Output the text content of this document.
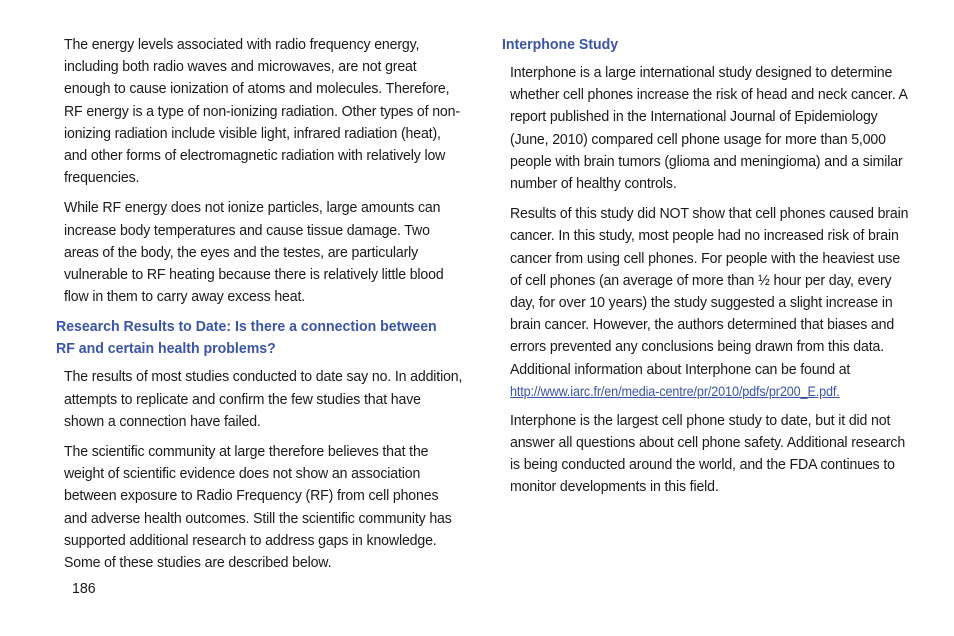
The energy levels associated with radio frequency energy, including both radio waves and microwaves, are not great enough to cause ionization of atoms and molecules. Therefore, RF energy is a type of non-ionizing radiation. Other types of non-ionizing radiation include visible light, infrared radiation (heat), and other forms of electromagnetic radiation with relatively low frequencies.

While RF energy does not ionize particles, large amounts can increase body temperatures and cause tissue damage. Two areas of the body, the eyes and the testes, are particularly vulnerable to RF heating because there is relatively little blood flow in them to carry away excess heat.

Research Results to Date: Is there a connection between RF and certain health problems?

The results of most studies conducted to date say no. In addition, attempts to replicate and confirm the few studies that have shown a connection have failed.

The scientific community at large therefore believes that the weight of scientific evidence does not show an association between exposure to Radio Frequency (RF) from cell phones and adverse health outcomes. Still the scientific community has supported additional research to address gaps in knowledge. Some of these studies are described below.

Interphone Study

Interphone is a large international study designed to determine whether cell phones increase the risk of head and neck cancer. A report published in the International Journal of Epidemiology (June, 2010) compared cell phone usage for more than 5,000 people with brain tumors (glioma and meningioma) and a similar number of healthy controls.

Results of this study did NOT show that cell phones caused brain cancer. In this study, most people had no increased risk of brain cancer from using cell phones. For people with the heaviest use of cell phones (an average of more than ½ hour per day, every day, for over 10 years) the study suggested a slight increase in brain cancer. However, the authors determined that biases and errors prevented any conclusions being drawn from this data. Additional information about Interphone can be found at
http://www.iarc.fr/en/media-centre/pr/2010/pdfs/pr200_E.pdf.

Interphone is the largest cell phone study to date, but it did not answer all questions about cell phone safety. Additional research is being conducted around the world, and the FDA continues to monitor developments in this field.

186
